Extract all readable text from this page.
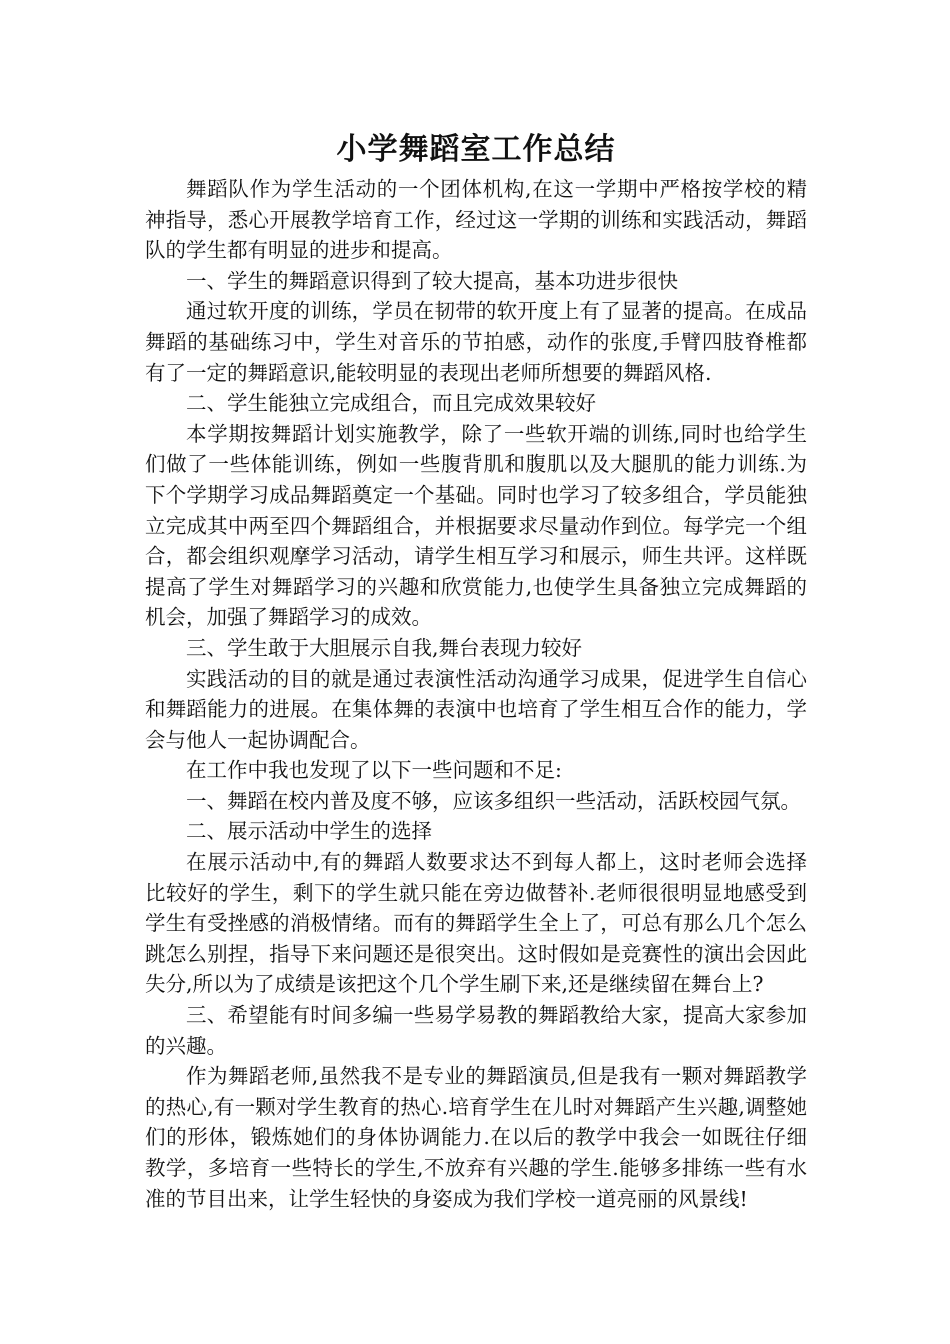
小学舞蹈室工作总结

舞蹈队作为学生活动的一个团体机构,在这一学期中严格按学校的精神指导，悉心开展教学培育工作，经过这一学期的训练和实践活动，舞蹈队的学生都有明显的进步和提高。

一、学生的舞蹈意识得到了较大提高，基本功进步很快

通过软开度的训练，学员在韧带的软开度上有了显著的提高。在成品舞蹈的基础练习中，学生对音乐的节拍感，动作的张度,手臂四肢脊椎都有了一定的舞蹈意识,能较明显的表现出老师所想要的舞蹈风格.

二、学生能独立完成组合，而且完成效果较好

本学期按舞蹈计划实施教学，除了一些软开端的训练,同时也给学生们做了一些体能训练，例如一些腹背肌和腹肌以及大腿肌的能力训练.为下个学期学习成品舞蹈奠定一个基础。同时也学习了较多组合，学员能独立完成其中两至四个舞蹈组合，并根据要求尽量动作到位。每学完一个组合，都会组织观摩学习活动，请学生相互学习和展示，师生共评。这样既提高了学生对舞蹈学习的兴趣和欣赏能力,也使学生具备独立完成舞蹈的机会，加强了舞蹈学习的成效。

三、学生敢于大胆展示自我,舞台表现力较好

实践活动的目的就是通过表演性活动沟通学习成果，促进学生自信心和舞蹈能力的进展。在集体舞的表演中也培育了学生相互合作的能力，学会与他人一起协调配合。

在工作中我也发现了以下一些问题和不足:

一、舞蹈在校内普及度不够，应该多组织一些活动，活跃校园气氛。

二、展示活动中学生的选择

在展示活动中,有的舞蹈人数要求达不到每人都上，这时老师会选择比较好的学生，剩下的学生就只能在旁边做替补.老师很很明显地感受到学生有受挫感的消极情绪。而有的舞蹈学生全上了，可总有那么几个怎么跳怎么别捏，指导下来问题还是很突出。这时假如是竞赛性的演出会因此失分,所以为了成绩是该把这个几个学生刷下来,还是继续留在舞台上?

三、希望能有时间多编一些易学易教的舞蹈教给大家，提高大家参加的兴趣。

作为舞蹈老师,虽然我不是专业的舞蹈演员,但是我有一颗对舞蹈教学的热心,有一颗对学生教育的热心.培育学生在儿时对舞蹈产生兴趣,调整她们的形体，锻炼她们的身体协调能力.在以后的教学中我会一如既往仔细教学，多培育一些特长的学生,不放弃有兴趣的学生.能够多排练一些有水准的节目出来，让学生轻快的身姿成为我们学校一道亮丽的风景线!
